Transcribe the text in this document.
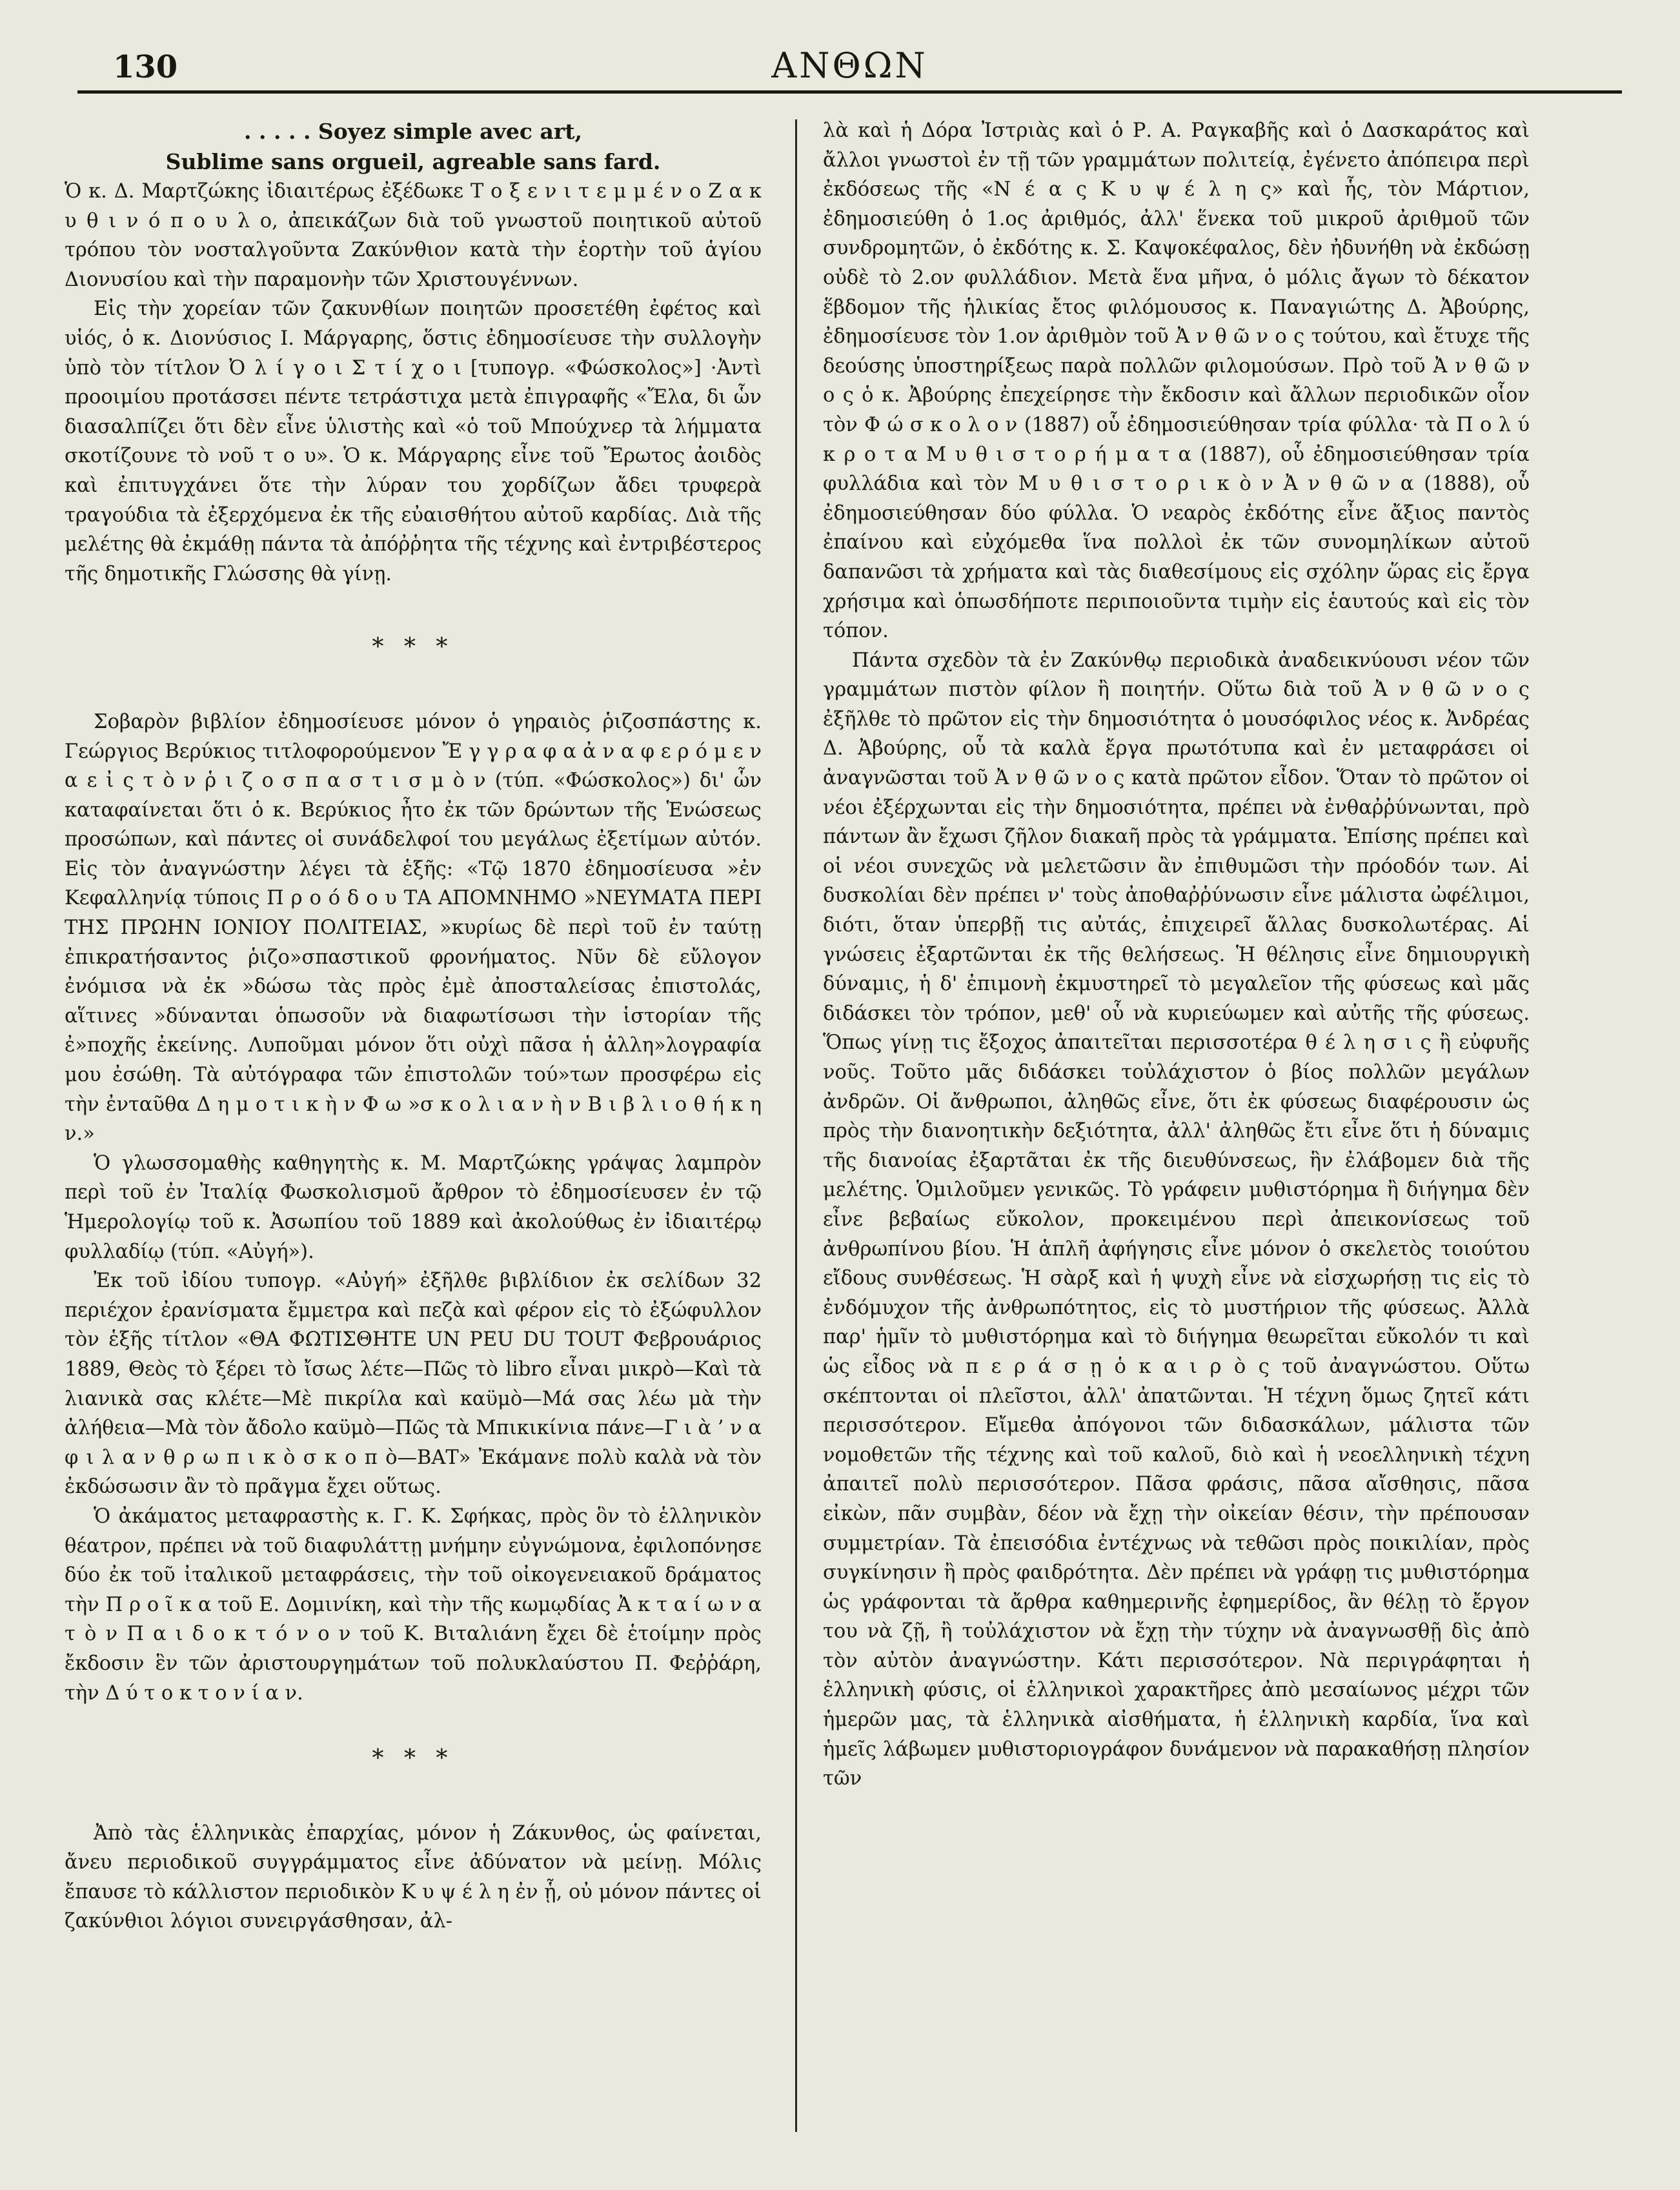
130	ΑΝΘΩΝ

. . . . . Soyez simple avec art,

Sublime sans orgueil, agreable sans fard.

Ὁ κ. Δ. Μαρτζώκης ἰδιαιτέρως ἐξέδωκε Τ ο ξ ε ν ι τ ε μ μ έ ν ο Ζ α κ υ θ ι ν ό π ο υ λ ο, ἀπεικάζων διὰ τοῦ γνωστοῦ ποιητικοῦ αὐτοῦ τρόπου τὸν νοσταλγοῦντα Ζακύνθιον κατὰ τὴν ἑορτὴν τοῦ ἁγίου Διονυσίου καὶ τὴν παραμονὴν τῶν Χριστουγέννων.

Εἰς τὴν χορείαν τῶν ζακυνθίων ποιητῶν προσετέθη ἐφέτος καὶ υἱός, ὁ κ. Διονύσιος Ι. Μάργαρης, ὅστις ἐδημοσίευσε τὴν συλλογὴν ὑπὸ τὸν τίτλον Ὀ λ ί γ ο ι Σ τ ί χ ο ι [τυπογρ. «Φώσκολος»] ·Ἀντὶ προοιμίου προτάσσει πέντε τετράστιχα μετὰ ἐπιγραφῆς «Ἔλα, δι ὧν διασαλπίζει ὅτι δὲν εἶνε ὑλιστὴς καὶ «ὁ τοῦ Μπούχνερ τὰ λήμματα σκοτίζουνε τὸ νοῦ τ ο υ». Ὁ κ. Μάργαρης εἶνε τοῦ Ἔρωτος ἀοιδὸς καὶ ἐπιτυγχάνει ὅτε τὴν λύραν του χορδίζων ἄδει τρυφερὰ τραγούδια τὰ ἐξερχόμενα ἐκ τῆς εὐαισθήτου αὐτοῦ καρδίας. Διὰ τῆς μελέτης θὰ ἐκμάθῃ πάντα τὰ ἀπόῤῥητα τῆς τέχνης καὶ ἐντριβέστερος τῆς δημοτικῆς Γλώσσης θὰ γίνῃ.

* * *

Σοβαρὸν βιβλίον ἐδημοσίευσε μόνον ὁ γηραιὸς ῥιζοσπάστης κ. Γεώργιος Βερύκιος τιτλοφορούμενον Ἔ γ γ ρ α φ α ἀ ν α φ ε ρ ό μ ε ν α ε ἰ ς τ ὸ ν ῥ ι ζ ο σ π α σ τ ι σ μ ὸ ν (τύπ. «Φώσκολος») δι' ὧν καταφαίνεται ὅτι ὁ κ. Βερύκιος ἦτο ἐκ τῶν δρώντων τῆς Ἑνώσεως προσώπων, καὶ πάντες οἱ συνάδελφοί του μεγάλως ἐξετίμων αὐτόν. Εἰς τὸν ἀναγνώστην λέγει τὰ ἑξῆς: «Τῷ 1870 ἐδημοσίευσα »ἐν Κεφαλληνίᾳ τύποις Π ρ ο ό δ ο υ ΤΑ ΑΠΟΜΝΗΜΟ »ΝΕΥΜΑΤΑ ΠΕΡΙ ΤΗΣ ΠΡΩΗΝ ΙΟΝΙΟΥ ΠΟΛΙΤΕΙΑΣ, »κυρίως δὲ περὶ τοῦ ἐν ταύτῃ ἐπικρατήσαντος ῥιζο»σπαστικοῦ φρονήματος. Νῦν δὲ εὔλογον ἐνόμισα νὰ ἐκ »δώσω τὰς πρὸς ἐμὲ ἀποσταλείσας ἐπιστολάς, αἵτινες »δύνανται ὁπωσοῦν νὰ διαφωτίσωσι τὴν ἱστορίαν τῆς ἐ»ποχῆς ἐκείνης. Λυποῦμαι μόνον ὅτι οὐχὶ πᾶσα ἡ ἀλλη»λογραφία μου ἐσώθη. Τὰ αὐτόγραφα τῶν ἐπιστολῶν τού»των προσφέρω εἰς τὴν ἐνταῦθα Δ η μ ο τ ι κ ὴ ν Φ ω »σ κ ο λ ι α ν ὴ ν Β ι β λ ι ο θ ή κ η ν.»

Ὁ γλωσσομαθὴς καθηγητὴς κ. Μ. Μαρτζώκης γράψας λαμπρὸν περὶ τοῦ ἐν Ἰταλίᾳ Φωσκολισμοῦ ἄρθρον τὸ ἐδημοσίευσεν ἐν τῷ Ἡμερολογίῳ τοῦ κ. Ἀσωπίου τοῦ 1889 καὶ ἀκολούθως ἐν ἰδιαιτέρῳ φυλλαδίῳ (τύπ. «Αὐγή»).

Ἐκ τοῦ ἰδίου τυπογρ. «Αὐγή» ἐξῆλθε βιβλίδιον ἐκ σελίδων 32 περιέχον ἐρανίσματα ἔμμετρα καὶ πεζὰ καὶ φέρον εἰς τὸ ἐξώφυλλον τὸν ἑξῆς τίτλον «ΘΑ ΦΩΤΙΣΘΗΤΕ UN PEU DU TOUT Φεβρουάριος 1889, Θεὸς τὸ ξέρει τὸ ἴσως λέτε—Πῶς τὸ libro εἶναι μικρὸ—Καὶ τὰ λιανικὰ σας κλέτε—Μὲ πικρίλα καὶ καϋμὸ—Μά σας λέω μὰ τὴν ἀλήθεια—Μὰ τὸν ἄδολο καϋμὸ—Πῶς τὰ Μπικικίνια πάνε—Γ ι ὰ ’ ν α φ ι λ α ν θ ρ ω π ι κ ὸ σ κ ο π ὸ—ΒΑΤ» Ἐκάμανε πολὺ καλὰ νὰ τὸν ἐκδώσωσιν ἂν τὸ πρᾶγμα ἔχει οὕτως.

Ὁ ἀκάματος μεταφραστὴς κ. Γ. Κ. Σφήκας, πρὸς ὃν τὸ ἑλληνικὸν θέατρον, πρέπει νὰ τοῦ διαφυλάττῃ μνήμην εὐγνώμονα, ἐφιλοπόνησε δύο ἐκ τοῦ ἰταλικοῦ μεταφράσεις, τὴν τοῦ οἰκογενειακοῦ δράματος τὴν Π ρ ο ῖ κ α τοῦ Ε. Δομινίκη, καὶ τὴν τῆς κωμῳδίας Ἀ κ τ α ί ω ν α τ ὸ ν Π α ι δ ο κ τ ό ν ο ν τοῦ Κ. Βιταλιάνη ἔχει δὲ ἑτοίμην πρὸς ἔκδοσιν ἓν τῶν ἀριστουργημάτων τοῦ πολυκλαύστου Π. Φεῤῥάρη, τὴν Δ ύ τ ο κ τ ο ν ί α ν.

* * *

Ἀπὸ τὰς ἑλληνικὰς ἐπαρχίας, μόνον ἡ Ζάκυνθος, ὡς φαίνεται, ἄνευ περιοδικοῦ συγγράμματος εἶνε ἀδύνατον νὰ μείνῃ. Μόλις ἔπαυσε τὸ κάλλιστον περιοδικὸν Κ υ ψ έ λ η ἐν ᾗ, οὐ μόνον πάντες οἱ ζακύνθιοι λόγιοι συνειργάσθησαν, ἀλ-

λὰ καὶ ἡ Δόρα Ἰστριὰς καὶ ὁ Ρ. Α. Ραγκαβῆς καὶ ὁ Δασκαράτος καὶ ἄλλοι γνωστοὶ ἐν τῇ τῶν γραμμάτων πολιτείᾳ, ἐγένετο ἀπόπειρα περὶ ἐκδόσεως τῆς «Ν έ α ς Κ υ ψ έ λ η ς» καὶ ἧς, τὸν Μάρτιον, ἐδημοσιεύθη ὁ 1.ος ἀριθμός, ἀλλ' ἕνεκα τοῦ μικροῦ ἀριθμοῦ τῶν συνδρομητῶν, ὁ ἐκδότης κ. Σ. Καψοκέφαλος, δὲν ἠδυνήθη νὰ ἐκδώσῃ οὐδὲ τὸ 2.ον φυλλάδιον. Μετὰ ἕνα μῆνα, ὁ μόλις ἄγων τὸ δέκατον ἕβδομον τῆς ἡλικίας ἔτος φιλόμουσος κ. Παναγιώτης Δ. Ἀβούρης, ἐδημοσίευσε τὸν 1.ον ἀριθμὸν τοῦ Ἀ ν θ ῶ ν ο ς τούτου, καὶ ἔτυχε τῆς δεούσης ὑποστηρίξεως παρὰ πολλῶν φιλομούσων. Πρὸ τοῦ Ἀ ν θ ῶ ν ο ς ὁ κ. Ἀβούρης ἐπεχείρησε τὴν ἔκδοσιν καὶ ἄλλων περιοδικῶν οἷον τὸν Φ ώ σ κ ο λ ο ν (1887) οὗ ἐδημοσιεύθησαν τρία φύλλα· τὰ Π ο λ ύ κ ρ ο τ α Μ υ θ ι σ τ ο ρ ή μ α τ α (1887), οὗ ἐδημοσιεύθησαν τρία φυλλάδια καὶ τὸν Μ υ θ ι σ τ ο ρ ι κ ὸ ν Ἀ ν θ ῶ ν α (1888), οὗ ἐδημοσιεύθησαν δύο φύλλα. Ὁ νεαρὸς ἐκδότης εἶνε ἄξιος παντὸς ἐπαίνου καὶ εὐχόμεθα ἵνα πολλοὶ ἐκ τῶν συνομηλίκων αὐτοῦ δαπανῶσι τὰ χρήματα καὶ τὰς διαθεσίμους εἰς σχόλην ὥρας εἰς ἔργα χρήσιμα καὶ ὁπωσδήποτε περιποιοῦντα τιμὴν εἰς ἑαυτούς καὶ εἰς τὸν τόπον.

Πάντα σχεδὸν τὰ ἐν Ζακύνθῳ περιοδικὰ ἀναδεικνύουσι νέον τῶν γραμμάτων πιστὸν φίλον ἢ ποιητήν. Οὕτω διὰ τοῦ Ἀ ν θ ῶ ν ο ς ἐξῆλθε τὸ πρῶτον εἰς τὴν δημοσιότητα ὁ μουσόφιλος νέος κ. Ἀνδρέας Δ. Ἀβούρης, οὗ τὰ καλὰ ἔργα πρωτότυπα καὶ ἐν μεταφράσει οἱ ἀναγνῶσται τοῦ Ἀ ν θ ῶ ν ο ς κατὰ πρῶτον εἶδον. Ὅταν τὸ πρῶτον οἱ νέοι ἐξέρχωνται εἰς τὴν δημοσιότητα, πρέπει νὰ ἐνθαῤῥύνωνται, πρὸ πάντων ἂν ἔχωσι ζῆλον διακαῆ πρὸς τὰ γράμματα. Ἐπίσης πρέπει καὶ οἱ νέοι συνεχῶς νὰ μελετῶσιν ἂν ἐπιθυμῶσι τὴν πρόοδόν των. Αἱ δυσκολίαι δὲν πρέπει ν' τοὺς ἀποθαῤῥύνωσιν εἶνε μάλιστα ὠφέλιμοι, διότι, ὅταν ὑπερβῇ τις αὐτάς, ἐπιχειρεῖ ἄλλας δυσκολωτέρας. Αἱ γνώσεις ἐξαρτῶνται ἐκ τῆς θελήσεως. Ἡ θέλησις εἶνε δημιουργικὴ δύναμις, ἡ δ' ἐπιμονὴ ἐκμυστηρεῖ τὸ μεγαλεῖον τῆς φύσεως καὶ μᾶς διδάσκει τὸν τρόπον, μεθ' οὗ νὰ κυριεύωμεν καὶ αὐτῆς τῆς φύσεως. Ὅπως γίνῃ τις ἔξοχος ἀπαιτεῖται περισσοτέρα θ έ λ η σ ι ς ἢ εὐφυῆς νοῦς. Τοῦτο μᾶς διδάσκει τοὐλάχιστον ὁ βίος πολλῶν μεγάλων ἀνδρῶν. Οἱ ἄνθρωποι, ἀληθῶς εἶνε, ὅτι ἐκ φύσεως διαφέρουσιν ὡς πρὸς τὴν διανοητικὴν δεξιότητα, ἀλλ' ἀληθῶς ἔτι εἶνε ὅτι ἡ δύναμις τῆς διανοίας ἐξαρτᾶται ἐκ τῆς διευθύνσεως, ἣν ἐλάβομεν διὰ τῆς μελέτης. Ὁμιλοῦμεν γενικῶς. Τὸ γράφειν μυθιστόρημα ἢ διήγημα δὲν εἶνε βεβαίως εὔκολον, προκειμένου περὶ ἀπεικονίσεως τοῦ ἀνθρωπίνου βίου. Ἡ ἁπλῆ ἀφήγησις εἶνε μόνον ὁ σκελετὸς τοιούτου εἴδους συνθέσεως. Ἡ σὰρξ καὶ ἡ ψυχὴ εἶνε νὰ εἰσχωρήσῃ τις εἰς τὸ ἐνδόμυχον τῆς ἀνθρωπότητος, εἰς τὸ μυστήριον τῆς φύσεως. Ἀλλὰ παρ' ἡμῖν τὸ μυθιστόρημα καὶ τὸ διήγημα θεωρεῖται εὔκολόν τι καὶ ὡς εἶδος νὰ π ε ρ ά σ ῃ ὁ κ α ι ρ ὸ ς τοῦ ἀναγνώστου. Οὕτω σκέπτονται οἱ πλεῖστοι, ἀλλ' ἀπατῶνται. Ἡ τέχνη ὅμως ζητεῖ κάτι περισσότερον. Εἴμεθα ἀπόγονοι τῶν διδασκάλων, μάλιστα τῶν νομοθετῶν τῆς τέχνης καὶ τοῦ καλοῦ, διὸ καὶ ἡ νεοελληνικὴ τέχνη ἀπαιτεῖ πολὺ περισσότερον. Πᾶσα φράσις, πᾶσα αἴσθησις, πᾶσα εἰκὼν, πᾶν συμβὰν, δέον νὰ ἔχῃ τὴν οἰκείαν θέσιν, τὴν πρέπουσαν συμμετρίαν. Τὰ ἐπεισόδια ἐντέχνως νὰ τεθῶσι πρὸς ποικιλίαν, πρὸς συγκίνησιν ἢ πρὸς φαιδρότητα. Δὲν πρέπει νὰ γράφῃ τις μυθιστόρημα ὡς γράφονται τὰ ἄρθρα καθημερινῆς ἐφημερίδος, ἂν θέλῃ τὸ ἔργον του νὰ ζῇ, ἢ τοὐλάχιστον νὰ ἔχῃ τὴν τύχην νὰ ἀναγνωσθῇ δὶς ἀπὸ τὸν αὐτὸν ἀναγνώστην. Κάτι περισσότερον. Νὰ περιγράφηται ἡ ἑλληνικὴ φύσις, οἱ ἑλληνικοὶ χαρακτῆρες ἀπὸ μεσαίωνος μέχρι τῶν ἡμερῶν μας, τὰ ἑλληνικὰ αἰσθήματα, ἡ ἑλληνικὴ καρδία, ἵνα καὶ ἡμεῖς λάβωμεν μυθιστοριογράφον δυνάμενον νὰ παρακαθήσῃ πλησίον τῶν
